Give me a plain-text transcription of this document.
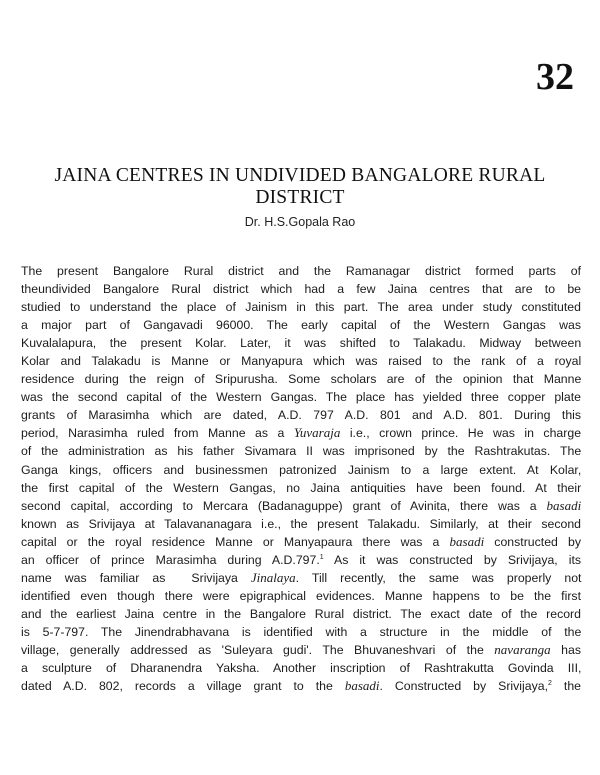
32
JAINA CENTRES IN UNDIVIDED BANGALORE RURAL
DISTRICT
Dr. H.S.Gopala Rao
The present Bangalore Rural district and the Ramanagar district formed parts of
theundivided Bangalore Rural district which had a few Jaina centres that are to be
studied to understand the place of Jainism in this part. The area under study constituted
a major part of Gangavadi 96000. The early capital of the Western Gangas was
Kuvalalapura, the present Kolar. Later, it was shifted to Talakadu. Midway between
Kolar and Talakadu is Manne or Manyapura which was raised to the rank of a royal
residence during the reign of Sripurusha. Some scholars are of the opinion that Manne
was the second capital of the Western Gangas. The place has yielded three copper plate
grants of Marasimha which are dated, A.D. 797 A.D. 801 and A.D. 801. During this
period, Narasimha ruled from Manne as a Yuvaraja i.e., crown prince. He was in charge
of the administration as his father Sivamara II was imprisoned by the Rashtrakutas. The
Ganga kings, officers and businessmen patronized Jainism to a large extent. At Kolar,
the first capital of the Western Gangas, no Jaina antiquities have been found. At their
second capital, according to Mercara (Badanaguppe) grant of Avinita, there was a basadi
known as Srivijaya at Talavananagara i.e., the present Talakadu. Similarly, at their second
capital or the royal residence Manne or Manyapaura there was a basadi constructed by
an officer of prince Marasimha during A.D.797.$^1$ As it was constructed by Srivijaya, its
name was familiar as  Srivijaya Jinalaya. Till recently, the same was properly not
identified even though there were epigraphical evidences. Manne happens to be the first
and the earliest Jaina centre in the Bangalore Rural district. The exact date of the record
is 5-7-797. The Jinendrabhavana is identified with a structure in the middle of the
village, generally addressed as 'Suleyara gudi'. The Bhuvaneshvari of the navaranga has
a sculpture of Dharanendra Yaksha. Another inscription of Rashtrakutta Govinda III,
dated A.D. 802, records a village grant to the basadi. Constructed by Srivijaya,$^2$ the
